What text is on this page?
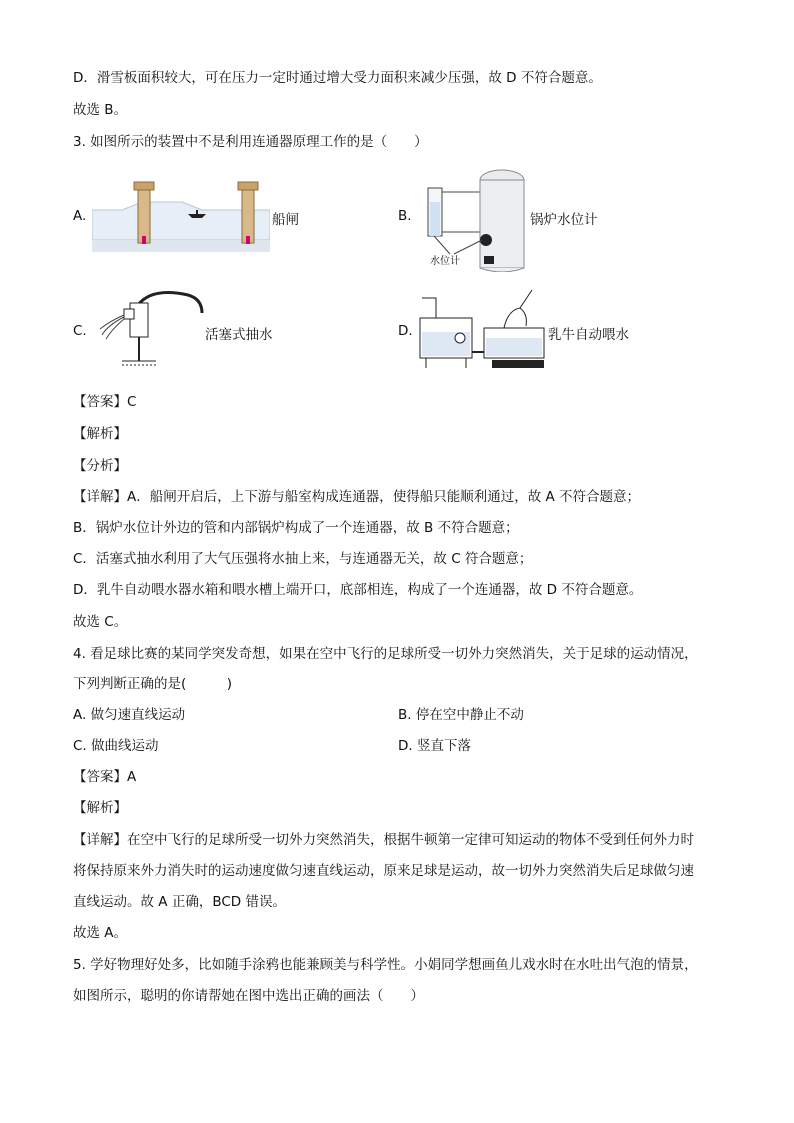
D．滑雪板面积较大，可在压力一定时通过增大受力面积来减少压强，故 D 不符合题意。
故选 B。
3. 如图所示的装置中不是利用连通器原理工作的是（　　）
A.	船闸	B.
水位计
锅炉水位计
C.	活塞式抽水	D.	乳牛自动喂水
【答案】C
【解析】
【分析】
【详解】A．船闸开启后，上下游与船室构成连通器，使得船只能顺利通过，故 A 不符合题意；
B．锅炉水位计外边的管和内部锅炉构成了一个连通器，故 B 不符合题意；
C．活塞式抽水利用了大气压强将水抽上来，与连通器无关，故 C 符合题意；
D．乳牛自动喂水器水箱和喂水槽上端开口，底部相连，构成了一个连通器，故 D 不符合题意。
故选 C。
4. 看足球比赛的某同学突发奇想，如果在空中飞行的足球所受一切外力突然消失，关于足球的运动情况，
下列判断正确的是(　　　)
A. 做匀速直线运动	B. 停在空中静止不动
C. 做曲线运动	D. 竖直下落
【答案】A
【解析】
【详解】在空中飞行的足球所受一切外力突然消失，根据牛顿第一定律可知运动的物体不受到任何外力时
将保持原来外力消失时的运动速度做匀速直线运动，原来足球是运动，故一切外力突然消失后足球做匀速
直线运动。故 A 正确，BCD 错误。
故选 A。
5. 学好物理好处多，比如随手涂鸦也能兼顾美与科学性。小娟同学想画鱼儿戏水时在水吐出气泡的情景，
如图所示，聪明的你请帮她在图中选出正确的画法（　　）
